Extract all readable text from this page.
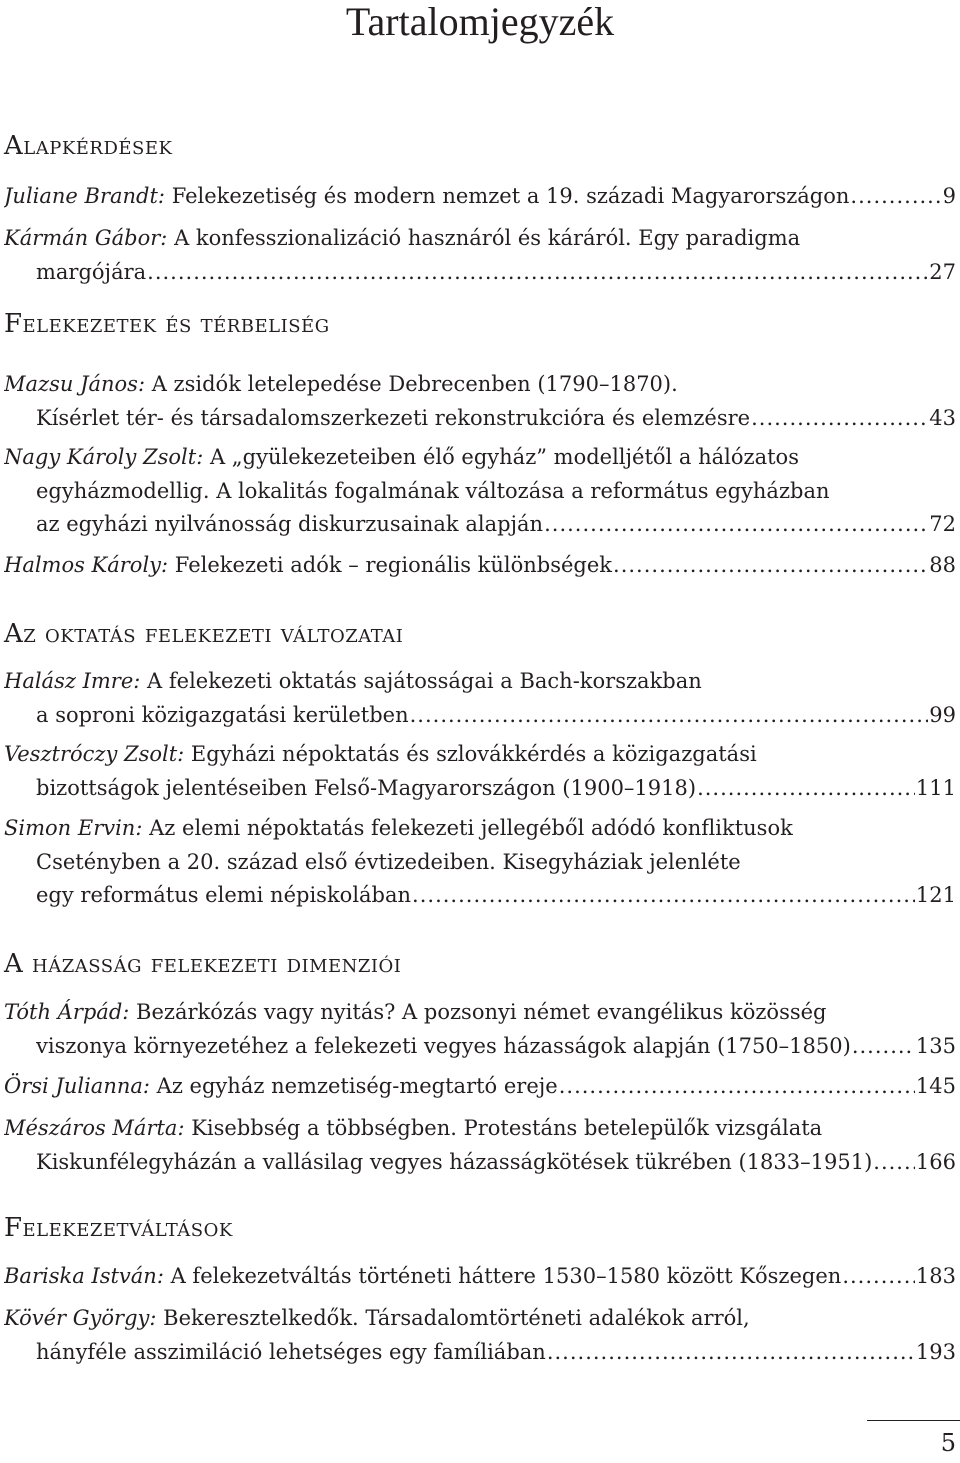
Tartalomjegyzék
Alapkérdések
Juliane Brandt: Felekezetiség és modern nemzet a 19. századi Magyarországon .....	9
Kármán Gábor: A konfesszionalizáció hasznáról és káráról. Egy paradigma
margójára .....	27
Felekezetek és térbeliség
Mazsu János: A zsidók letelepedése Debrecenben (1790–1870).
Kísérlet tér- és társadalomszerkezeti rekonstrukcióra és elemzésre .....	43
Nagy Károly Zsolt: A „gyülekezeteiben élő egyház” modelljétől a hálózatos
egyházmodellig. A lokalitás fogalmának változása a református egyházban
az egyházi nyilvánosság diskurzusainak alapján .....	72
Halmos Károly: Felekezeti adók – regionális különbségek .....	88
Az oktatás felekezeti változatai
Halász Imre: A felekezeti oktatás sajátosságai a Bach-korszakban
a soproni közigazgatási kerületben .....	99
Vesztróczy Zsolt: Egyházi népoktatás és szlovákkérdés a közigazgatási
bizottságok jelentéseiben Felső-Magyarországon (1900–1918) .....	111
Simon Ervin: Az elemi népoktatás felekezeti jellegéből adódó konfliktusok
Csetényben a 20. század első évtizedeiben. Kisegyháziak jelenléte
egy református elemi népiskolában .....	121
A házasság felekezeti dimenziói
Tóth Árpád: Bezárkózás vagy nyitás? A pozsonyi német evangélikus közösség
viszonya környezetéhez a felekezeti vegyes házasságok alapján (1750–1850) .....	135
Örsi Julianna: Az egyház nemzetiség-megtartó ereje .....	145
Mészáros Márta: Kisebbség a többségben. Protestáns betelepülők vizsgálata
Kiskunfélegyházán a vallásilag vegyes házasságkötések tükrében (1833–1951) ..... 166
Felekezetváltások
Bariska István: A felekezetváltás történeti háttere 1530–1580 között Kőszegen .....	183
Kövér György: Bekeresztelkedők. Társadalomtörténeti adalékok arról,
hányféle asszimiláció lehetséges egy famíliában .....	193
5
